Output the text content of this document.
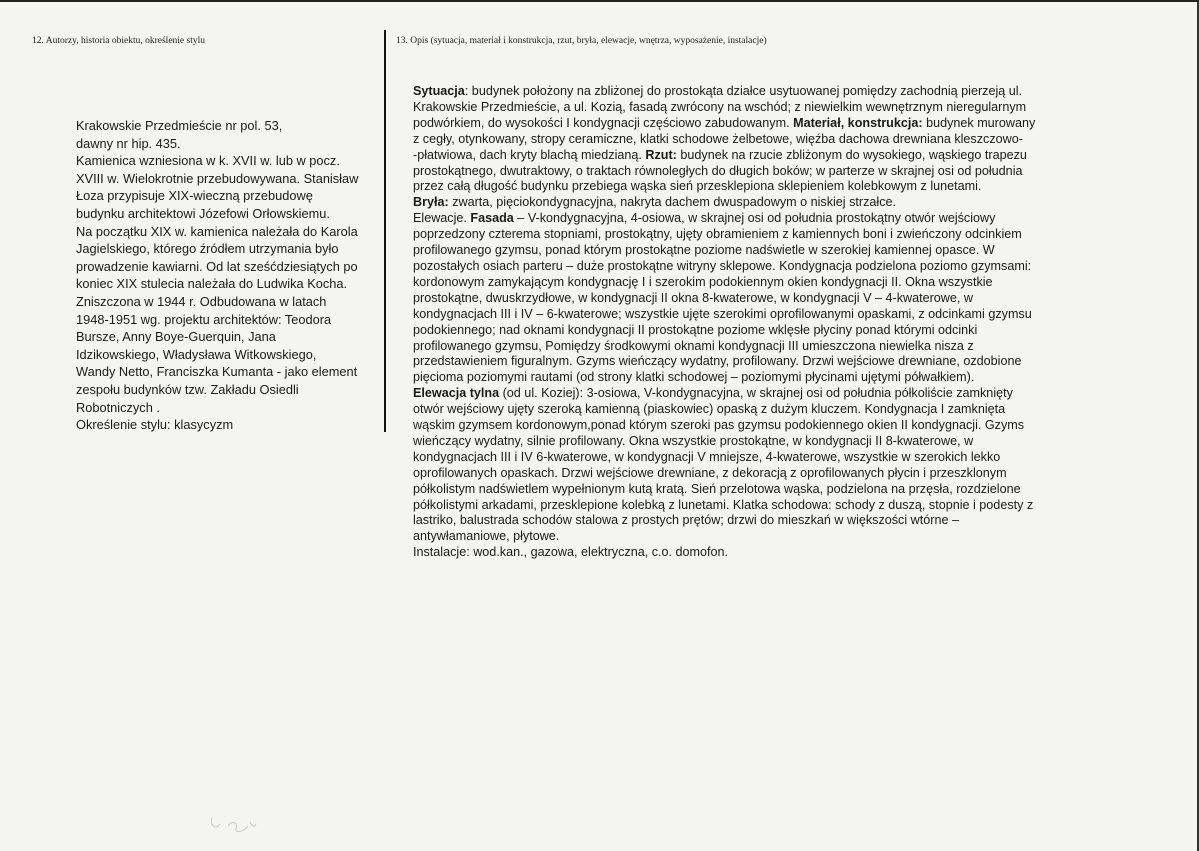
12. Autorzy, historia obiektu, określenie stylu	13. Opis (sytuacja, materiał i konstrukcja, rzut, bryła, elewacje, wnętrza, wyposażenie, instalacje)
Krakowskie Przedmieście nr pol. 53,
dawny nr hip. 435.
Kamienica wzniesiona w k. XVII w. lub w pocz.
XVIII w. Wielokrotnie przebudowywana. Stanisław
Łoza przypisuje XIX-wieczną przebudowę
budynku architektowi Józefowi Orłowskiemu.
Na początku XIX w. kamienica należała do Karola
Jagielskiego, którego źródłem utrzymania było
prowadzenie kawiarni. Od lat sześćdziesiątych po
koniec XIX stulecia należała do Ludwika Kocha.
Zniszczona w 1944 r. Odbudowana w latach
1948-1951 wg. projektu architektów: Teodora
Bursze, Anny Boye-Guerquin, Jana
Idzikowskiego, Władysława Witkowskiego,
Wandy Netto, Franciszka Kumanta - jako element
zespołu budynków tzw. Zakładu Osiedli
Robotniczych .
Określenie stylu: klasycyzm
Sytuacja: budynek położony na zbliżonej do prostokąta działce usytuowanej pomiędzy zachodnią pierzeją ul.
Krakowskie Przedmieście, a ul. Kozią, fasadą zwrócony na wschód; z niewielkim wewnętrznym nieregularnym
podwórkiem, do wysokości I kondygnacji częściowo zabudowanym. Materiał, konstrukcja: budynek murowany
z cegły, otynkowany, stropy ceramiczne, klatki schodowe żelbetowe, więźba dachowa drewniana kleszczowo-
-płatwiowa, dach kryty blachą miedzianą. Rzut: budynek na rzucie zbliżonym do wysokiego, wąskiego trapezu
prostokątnego, dwutraktowy, o traktach równoległych do długich boków; w parterze w skrajnej osi od południa
przez całą długość budynku przebiega wąska sień przesklepiona sklepieniem kolebkowym z lunetami.
Bryła: zwarta, pięciokondygnacyjna, nakryta dachem dwuspadowym o niskiej strzałce.
Elewacje. Fasada – V-kondygnacyjna, 4-osiowa, w skrajnej osi od południa prostokątny otwór wejściowy
poprzedzony czterema stopniami, prostokątny, ujęty obramieniem z kamiennych boni i zwieńczony odcinkiem
profilowanego gzymsu, ponad którym prostokątne poziome nadświetle w szerokiej kamiennej opasce. W
pozostałych osiach parteru – duże prostokątne witryny sklepowe. Kondygnacja podzielona poziomo gzymsami:
kordonowym zamykającym kondygnację I i szerokim podokiennym okien kondygnacji II. Okna wszystkie
prostokątne, dwuskrzydłowe, w kondygnacji II okna 8-kwaterowe, w kondygnacji V – 4-kwaterowe, w
kondygnacjach III i IV – 6-kwaterowe; wszystkie ujęte szerokimi oprofilowanymi opaskami, z odcinkami gzymsu
podokiennego; nad oknami kondygnacji II prostokątne poziome wklęsłe płyciny ponad którymi odcinki
profilowanego gzymsu, Pomiędzy środkowymi oknami kondygnacji III umieszczona niewielka nisza z
przedstawieniem figuralnym. Gzyms wieńczący wydatny, profilowany. Drzwi wejściowe drewniane, ozdobione
pięcioma poziomymi rautami (od strony klatki schodowej – poziomymi płycinami ujętymi półwałkiem).
Elewacja tylna (od ul. Koziej): 3-osiowa, V-kondygnacyjna, w skrajnej osi od południa półkoliście zamknięty
otwór wejściowy ujęty szeroką kamienną (piaskowiec) opaską z dużym kluczem. Kondygnacja I zamknięta
wąskim gzymsem kordonowym,ponad którym szeroki pas gzymsu podokiennego okien II kondygnacji. Gzyms
wieńczący wydatny, silnie profilowany. Okna wszystkie prostokątne, w kondygnacji II 8-kwaterowe, w
kondygnacjach III i IV 6-kwaterowe, w kondygnacji V mniejsze, 4-kwaterowe, wszystkie w szerokich lekko
oprofilowanych opaskach. Drzwi wejściowe drewniane, z dekoracją z oprofilowanych płycin i przeszklonym
półkolistym nadświetlem wypełnionym kutą kratą. Sień przelotowa wąska, podzielona na przęsła, rozdzielone
półkolistymi arkadami, przesklepione kolebką z lunetami. Klatka schodowa: schody z duszą, stopnie i podesty z
lastriko, balustrada schodów stalowa z prostych prętów; drzwi do mieszkań w większości wtórne –
antywłamaniowe, płytowe.
Instalacje: wod.kan., gazowa, elektryczna, c.o. domofon.
